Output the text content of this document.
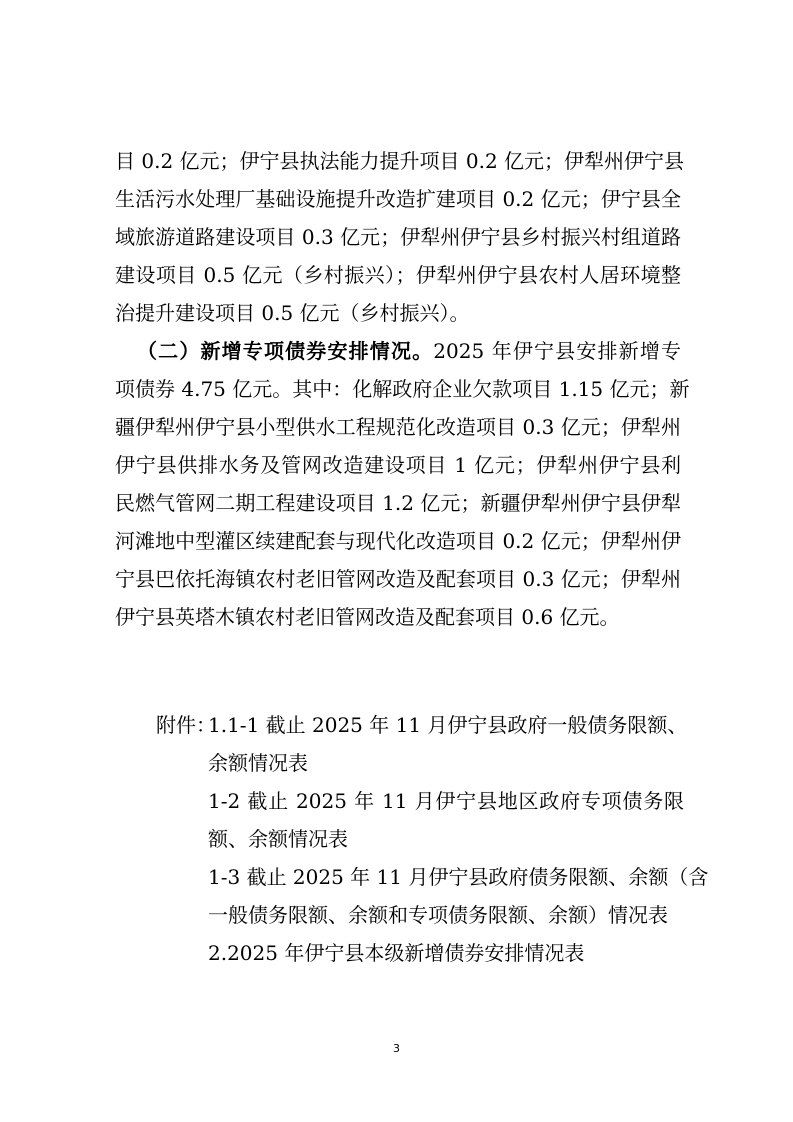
目 0.2 亿元；伊宁县执法能力提升项目 0.2 亿元；伊犁州伊宁县
生活污水处理厂基础设施提升改造扩建项目 0.2 亿元；伊宁县全
域旅游道路建设项目 0.3 亿元；伊犁州伊宁县乡村振兴村组道路
建设项目 0.5 亿元（乡村振兴）；伊犁州伊宁县农村人居环境整
治提升建设项目 0.5 亿元（乡村振兴）。
（二）新增专项债券安排情况。2025 年伊宁县安排新增专
项债券 4.75 亿元。其中：化解政府企业欠款项目 1.15 亿元；新
疆伊犁州伊宁县小型供水工程规范化改造项目 0.3 亿元；伊犁州
伊宁县供排水务及管网改造建设项目 1 亿元；伊犁州伊宁县利
民燃气管网二期工程建设项目 1.2 亿元；新疆伊犁州伊宁县伊犁
河滩地中型灌区续建配套与现代化改造项目 0.2 亿元；伊犁州伊
宁县巴依托海镇农村老旧管网改造及配套项目 0.3 亿元；伊犁州
伊宁县英塔木镇农村老旧管网改造及配套项目 0.6 亿元。
附件：
1.1-1 截止 2025 年 11 月伊宁县政府一般债务限额、
余额情况表
1-2 截止 2025 年 11 月伊宁县地区政府专项债务限
额、余额情况表
1-3 截止 2025 年 11 月伊宁县政府债务限额、余额（含
一般债务限额、余额和专项债务限额、余额）情况表
2.2025 年伊宁县本级新增债券安排情况表
3
